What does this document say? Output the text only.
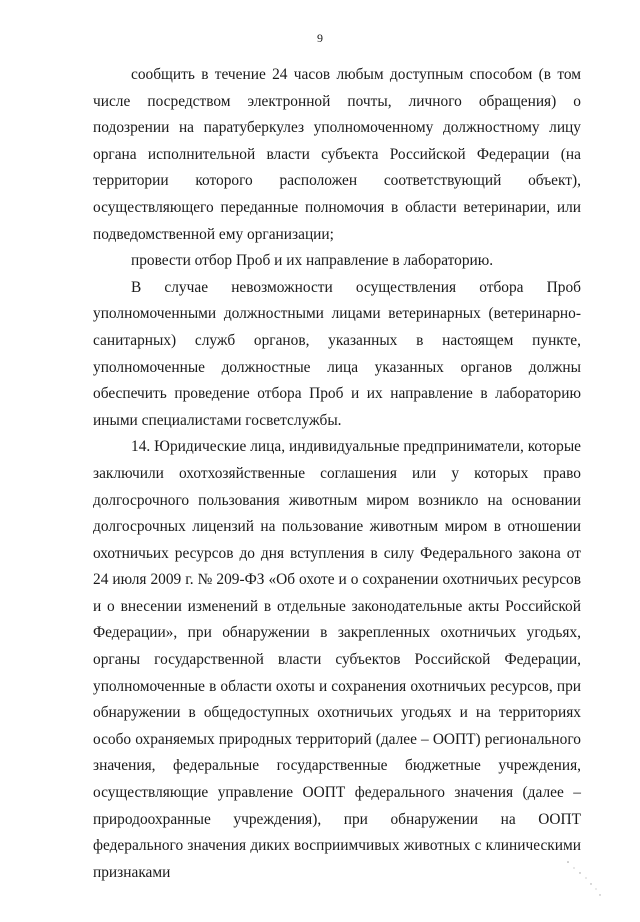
9

сообщить в течение 24 часов любым доступным способом (в том числе посредством электронной почты, личного обращения) о подозрении на паратуберкулез уполномоченному должностному лицу органа исполнительной власти субъекта Российской Федерации (на территории которого расположен соответствующий объект), осуществляющего переданные полномочия в области ветеринарии, или подведомственной ему организации;

провести отбор Проб и их направление в лабораторию.

В случае невозможности осуществления отбора Проб уполномоченными должностными лицами ветеринарных (ветеринарно-санитарных) служб органов, указанных в настоящем пункте, уполномоченные должностные лица указанных органов должны обеспечить проведение отбора Проб и их направление в лабораторию иными специалистами госветслужбы.

14. Юридические лица, индивидуальные предприниматели, которые заключили охотхозяйственные соглашения или у которых право долгосрочного пользования животным миром возникло на основании долгосрочных лицензий на пользование животным миром в отношении охотничьих ресурсов до дня вступления в силу Федерального закона от 24 июля 2009 г. № 209-ФЗ «Об охоте и о сохранении охотничьих ресурсов и о внесении изменений в отдельные законодательные акты Российской Федерации», при обнаружении в закрепленных охотничьих угодьях, органы государственной власти субъектов Российской Федерации, уполномоченные в области охоты и сохранения охотничьих ресурсов, при обнаружении в общедоступных охотничьих угодьях и на территориях особо охраняемых природных территорий (далее – ООПТ) регионального значения, федеральные государственные бюджетные учреждения, осуществляющие управление ООПТ федерального значения (далее – природоохранные учреждения), при обнаружении на ООПТ федерального значения диких восприимчивых животных с клиническими признаками
